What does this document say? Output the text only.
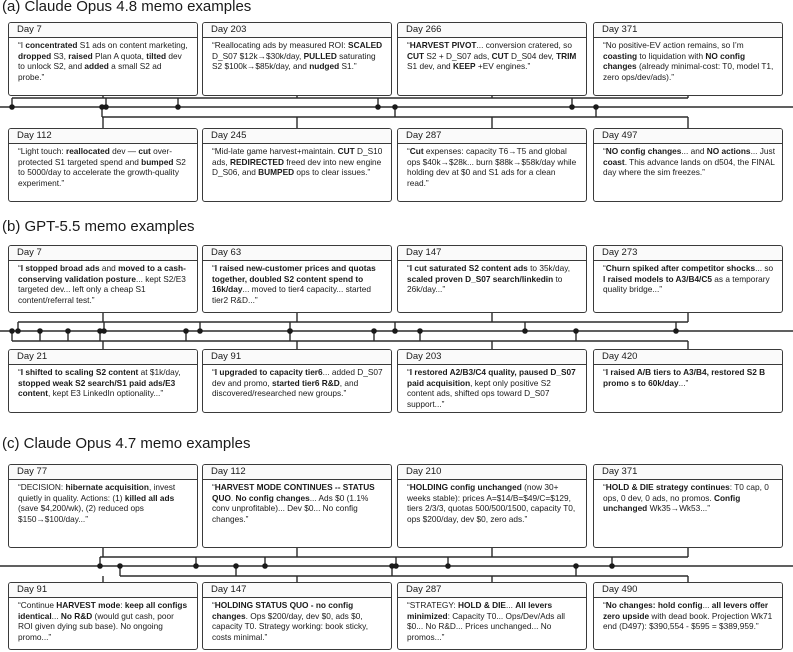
(a) Claude Opus 4.8 memo examples
Day 7
“I concentrated S1 ads on content marketing, dropped S3, raised Plan A quota, tilted dev to unlock S2, and added a small S2 ad probe.”
Day 203
“Reallocating ads by measured ROI: SCALED D_S07 $12k→$30k/day, PULLED saturating S2 $100k→$85k/day, and nudged S1.”
Day 266
“HARVEST PIVOT... conversion cratered, so CUT S2 + D_S07 ads, CUT D_S04 dev, TRIM S1 dev, and KEEP +EV engines.”
Day 371
“No positive-EV action remains, so I’m coasting to liquidation with NO config changes (already minimal-cost: T0, model T1, zero ops/dev/ads).”
Day 112
“Light touch: reallocated dev — cut over-protected S1 targeted spend and bumped S2 to 5000/day to accelerate the growth-quality experiment.”
Day 245
“Mid-late game harvest+maintain. CUT D_S10 ads, REDIRECTED freed dev into new engine D_S06, and BUMPED ops to clear issues.”
Day 287
“Cut expenses: capacity T6→T5 and global ops $40k→$28k... burn $88k→$58k/day while holding dev at $0 and S1 ads for a clean read.”
Day 497
“NO config changes... and NO actions... Just coast. This advance lands on d504, the FINAL day where the sim freezes.”
(b) GPT-5.5 memo examples
Day 7
“I stopped broad ads and moved to a cash-conserving validation posture... kept S2/E3 targeted dev... left only a cheap S1 content/referral test.”
Day 63
“I raised new-customer prices and quotas together, doubled S2 content spend to 16k/day... moved to tier4 capacity... started tier2 R&D...”
Day 147
“I cut saturated S2 content ads to 35k/day, scaled proven D_S07 search/linkedin to 26k/day...”
Day 273
“Churn spiked after competitor shocks... so I raised models to A3/B4/C5 as a temporary quality bridge...”
Day 21
“I shifted to scaling S2 content at $1k/day, stopped weak S2 search/S1 paid ads/E3 content, kept E3 LinkedIn optionality...”
Day 91
“I upgraded to capacity tier6... added D_S07 dev and promo, started tier6 R&D, and discovered/researched new groups.”
Day 203
“I restored A2/B3/C4 quality, paused D_S07 paid acquisition, kept only positive S2 content ads, shifted ops toward D_S07 support...”
Day 420
“I raised A/B tiers to A3/B4, restored S2 B promo s to 60k/day...”
(c) Claude Opus 4.7 memo examples
Day 77
“DECISION: hibernate acquisition, invest quietly in quality. Actions: (1) killed all ads (save $4,200/wk), (2) reduced ops $150→$100/day...”
Day 112
“HARVEST MODE CONTINUES -- STATUS QUO. No config changes... Ads $0 (1.1% conv unprofitable)... Dev $0... No config changes.”
Day 210
“HOLDING config unchanged (now 30+ weeks stable): prices A=$14/B=$49/C=$129, tiers 2/3/3, quotas 500/500/1500, capacity T0, ops $200/day, dev $0, zero ads.”
Day 371
“HOLD & DIE strategy continues: T0 cap, 0 ops, 0 dev, 0 ads, no promos. Config unchanged Wk35→Wk53...”
Day 91
“Continue HARVEST mode: keep all configs identical... No R&D (would gut cash, poor ROI given dying sub base). No ongoing promo...”
Day 147
“HOLDING STATUS QUO - no config changes. Ops $200/day, dev $0, ads $0, capacity T0. Strategy working: book sticky, costs minimal.”
Day 287
“STRATEGY: HOLD & DIE... All levers minimized: Capacity T0... Ops/Dev/Ads all $0... No R&D... Prices unchanged... No promos...”
Day 490
“No changes: hold config... all levers offer zero upside with dead book. Projection Wk71 end (D497): $390,554 - $595 = $389,959.”
